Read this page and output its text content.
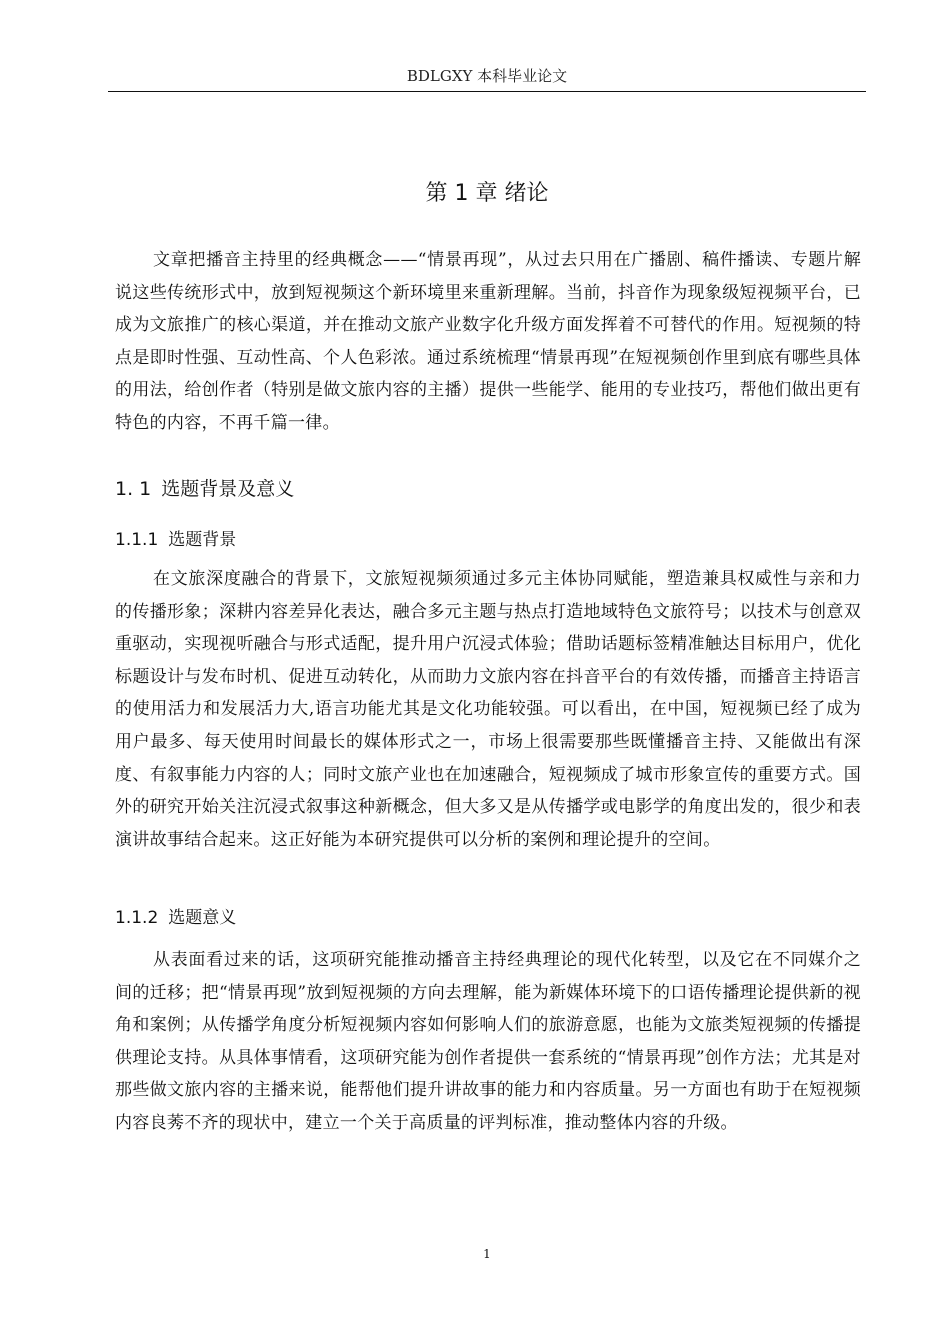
BDLGXY 本科毕业论文
第 1 章 绪论

文章把播音主持里的经典概念——“情景再现”，从过去只用在广播剧、稿件播读、专题片解说这些传统形式中，放到短视频这个新环境里来重新理解。当前，抖音作为现象级短视频平台，已成为文旅推广的核心渠道，并在推动文旅产业数字化升级方面发挥着不可替代的作用。短视频的特点是即时性强、互动性高、个人色彩浓。通过系统梳理“情景再现”在短视频创作里到底有哪些具体的用法，给创作者（特别是做文旅内容的主播）提供一些能学、能用的专业技巧，帮他们做出更有特色的内容，不再千篇一律。

1. 1 选题背景及意义
1.1.1 选题背景

在文旅深度融合的背景下，文旅短视频须通过多元主体协同赋能，塑造兼具权威性与亲和力的传播形象；深耕内容差异化表达，融合多元主题与热点打造地域特色文旅符号；以技术与创意双重驱动，实现视听融合与形式适配，提升用户沉浸式体验；借助话题标签精准触达目标用户，优化标题设计与发布时机、促进互动转化，从而助力文旅内容在抖音平台的有效传播，而播音主持语言的使用活力和发展活力大,语言功能尤其是文化功能较强。可以看出，在中国，短视频已经了成为用户最多、每天使用时间最长的媒体形式之一，市场上很需要那些既懂播音主持、又能做出有深度、有叙事能力内容的人；同时文旅产业也在加速融合，短视频成了城市形象宣传的重要方式。国外的研究开始关注沉浸式叙事这种新概念，但大多又是从传播学或电影学的角度出发的，很少和表演讲故事结合起来。这正好能为本研究提供可以分析的案例和理论提升的空间。

1.1.2 选题意义

从表面看过来的话，这项研究能推动播音主持经典理论的现代化转型，以及它在不同媒介之间的迁移；把“情景再现”放到短视频的方向去理解，能为新媒体环境下的口语传播理论提供新的视角和案例；从传播学角度分析短视频内容如何影响人们的旅游意愿，也能为文旅类短视频的传播提供理论支持。从具体事情看，这项研究能为创作者提供一套系统的“情景再现”创作方法；尤其是对那些做文旅内容的主播来说，能帮他们提升讲故事的能力和内容质量。另一方面也有助于在短视频内容良莠不齐的现状中，建立一个关于高质量的评判标准，推动整体内容的升级。

1
